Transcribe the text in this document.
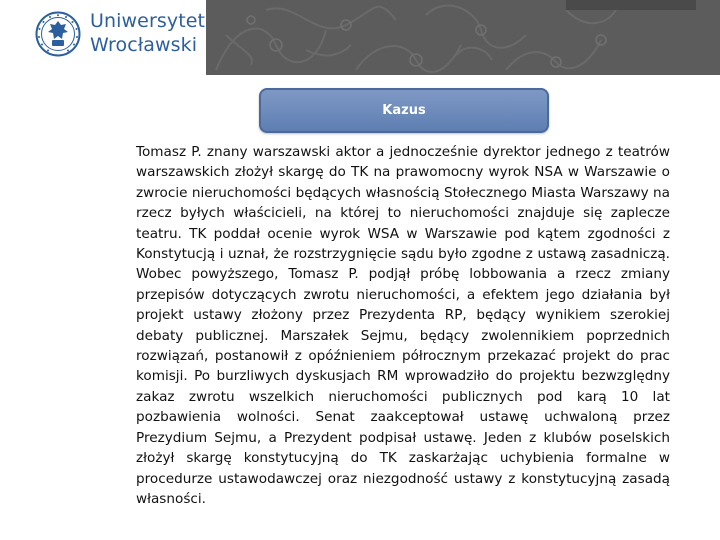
Uniwersytet
Wrocławski
Kazus
Tomasz P. znany warszawski aktor a jednocześnie dyrektor jednego z teatrów warszawskich złożył skargę do TK na prawomocny wyrok NSA w Warszawie o zwrocie nieruchomości będących własnością Stołecznego Miasta Warszawy na rzecz byłych właścicieli, na której to nieruchomości znajduje się zaplecze teatru. TK poddał ocenie wyrok WSA w Warszawie pod kątem zgodności z Konstytucją i uznał, że rozstrzygnięcie sądu było zgodne z ustawą zasadniczą. Wobec powyższego, Tomasz P. podjął próbę lobbowania a rzecz zmiany przepisów dotyczących zwrotu nieruchomości, a efektem jego działania był projekt ustawy złożony przez Prezydenta RP, będący wynikiem szerokiej debaty publicznej. Marszałek Sejmu, będący zwolennikiem poprzednich rozwiązań, postanowił z opóźnieniem półrocznym przekazać projekt do prac komisji. Po burzliwych dyskusjach RM wprowadziło do projektu bezwzględny zakaz zwrotu wszelkich nieruchomości publicznych pod karą 10 lat pozbawienia wolności. Senat zaakceptował ustawę uchwaloną przez Prezydium Sejmu, a Prezydent podpisał ustawę. Jeden z klubów poselskich złożył skargę konstytucyjną do TK zaskarżając uchybienia formalne w procedurze ustawodawczej oraz niezgodność ustawy z konstytucyjną zasadą własności.
